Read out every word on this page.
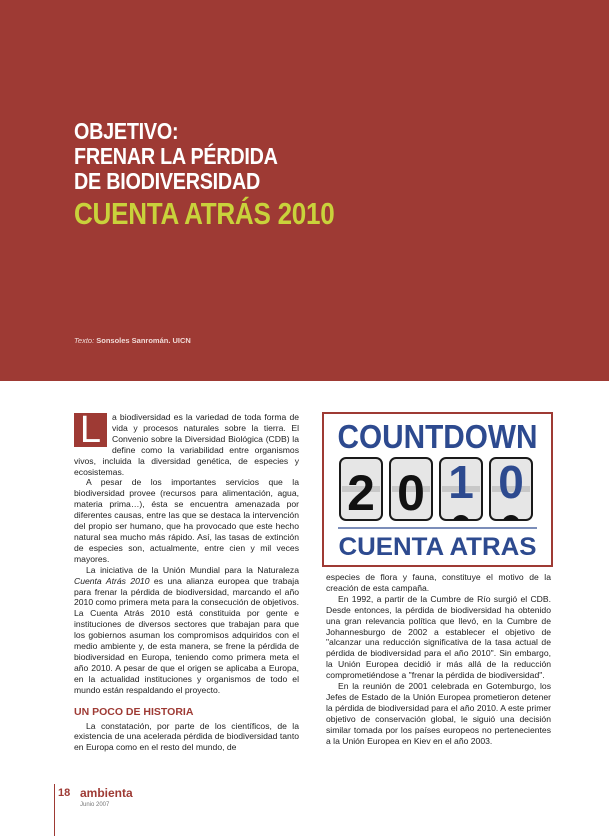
OBJETIVO:
FRENAR LA PÉRDIDA
DE BIODIVERSIDAD
CUENTA ATRÁS 2010
Texto: Sonsoles Sanromán. UICN

L	a biodiversidad es la variedad de toda forma de vida y procesos naturales sobre la tierra. El Convenio sobre la Diversidad Biológica (CDB) la define como la variabilidad entre organismos vivos, incluida la diversidad genética, de especies y ecosistemas.

A pesar de los importantes servicios que la biodiversidad provee (recursos para alimentación, agua, materia prima…), ésta se encuentra amenazada por diferentes causas, entre las que se destaca la intervención del propio ser humano, que ha provocado que este hecho natural sea mucho más rápido. Así, las tasas de extinción de especies son, actualmente, entre cien y mil veces mayores.

La iniciativa de la Unión Mundial para la Naturaleza Cuenta Atrás 2010 es una alianza europea que trabaja para frenar la pérdida de biodiversidad, marcando el año 2010 como primera meta para la consecución de objetivos. La Cuenta Atrás 2010 está constituida por gente e instituciones de diversos sectores que trabajan para que los gobiernos asuman los compromisos adquiridos con el medio ambiente y, de esta manera, se frene la pérdida de biodiversidad en Europa, teniendo como primera meta el año 2010. A pesar de que el origen se aplicaba a Europa, en la actualidad instituciones y organismos de todo el mundo están respaldando el proyecto.

UN POCO DE HISTORIA

La constatación, por parte de los científicos, de la existencia de una acelerada pérdida de biodiversidad tanto en Europa como en el resto del mundo, de

COUNTDOWN
2 0 1 0
CUENTA ATRAS

especies de flora y fauna, constituye el motivo de la creación de esta campaña.

En 1992, a partir de la Cumbre de Río surgió el CDB. Desde entonces, la pérdida de biodiversidad ha obtenido una gran relevancia política que llevó, en la Cumbre de Johannesburgo de 2002 a establecer el objetivo de "alcanzar una reducción significativa de la tasa actual de pérdida de biodiversidad para el año 2010". Sin embargo, la Unión Europea decidió ir más allá de la reducción comprometiéndose a "frenar la pérdida de biodiversidad".

En la reunión de 2001 celebrada en Gotemburgo, los Jefes de Estado de la Unión Europea prometieron detener la pérdida de biodiversidad para el año 2010. A este primer objetivo de conservación global, le siguió una decisión similar tomada por los países europeos no pertenecientes a la Unión Europea en Kiev en el año 2003.

18 ambienta
Junio 2007
